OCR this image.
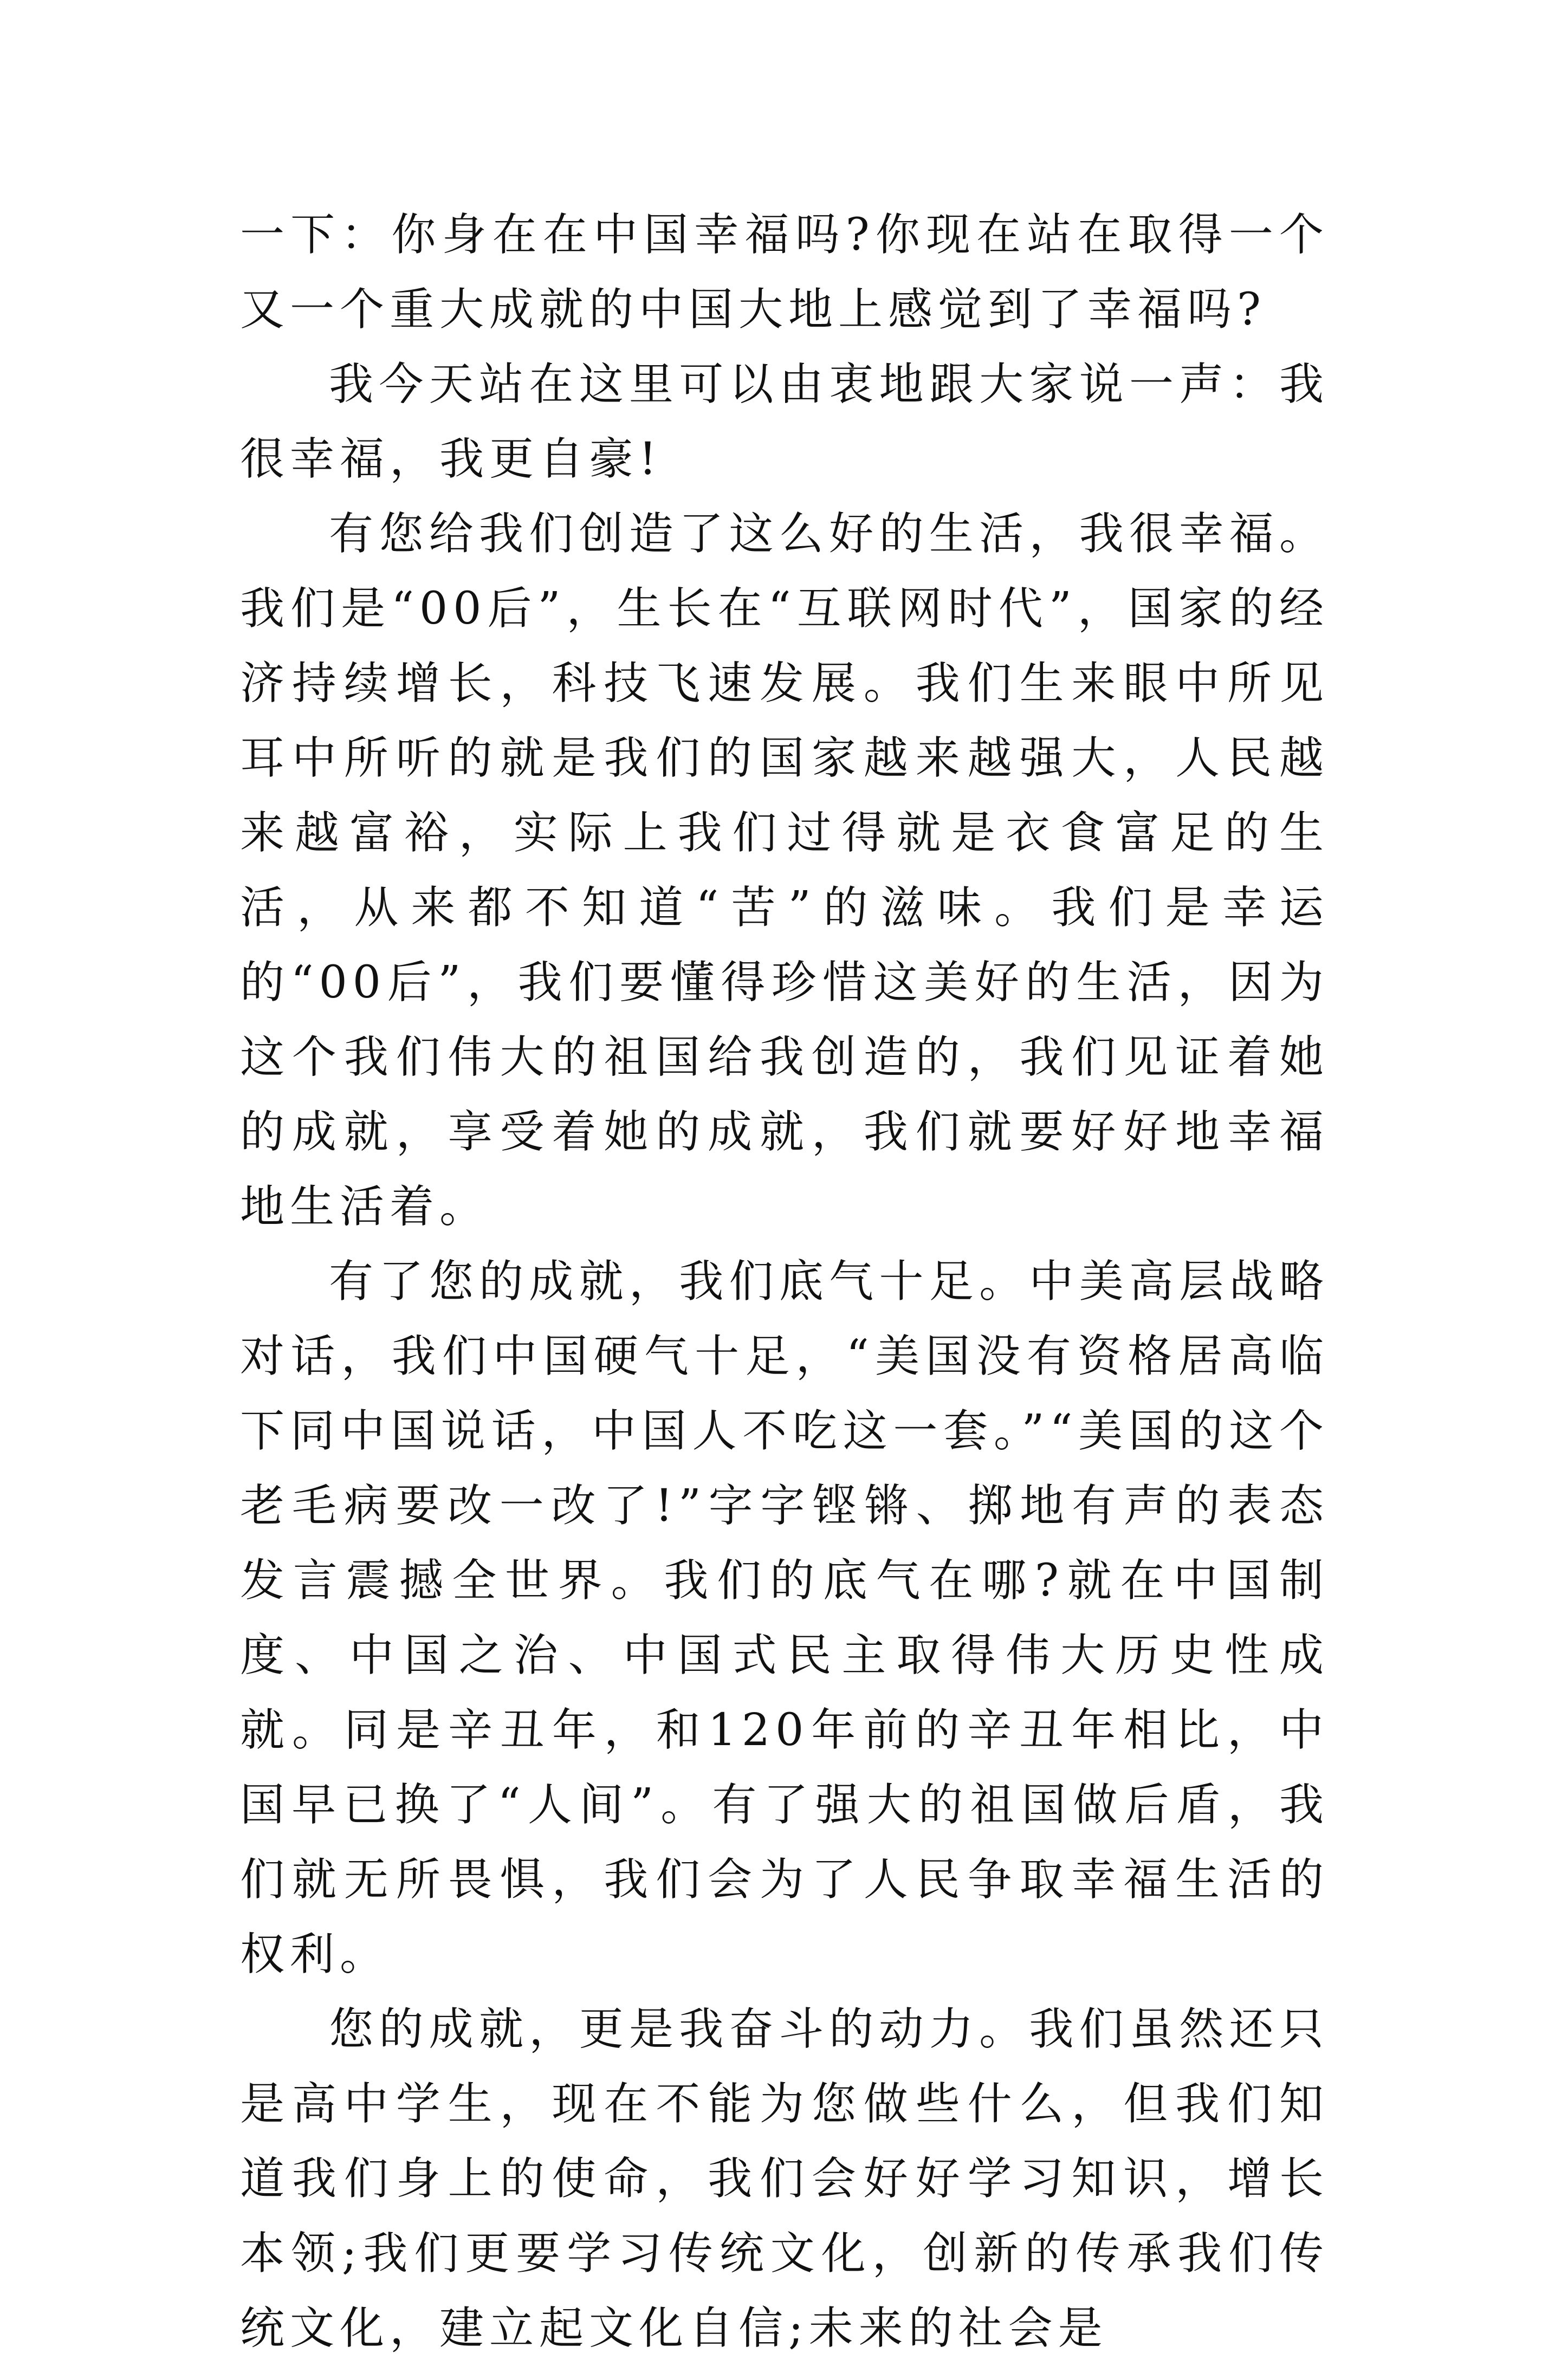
一下：你身在在中国幸福吗?你现在站在取得一个又一个重大成就的中国大地上感觉到了幸福吗?

我今天站在这里可以由衷地跟大家说一声：我很幸福，我更自豪!

有您给我们创造了这么好的生活，我很幸福。我们是“00后”，生长在“互联网时代”，国家的经济持续增长，科技飞速发展。我们生来眼中所见耳中所听的就是我们的国家越来越强大，人民越来越富裕，实际上我们过得就是衣食富足的生活，从来都不知道“苦”的滋味。我们是幸运的“00后”，我们要懂得珍惜这美好的生活，因为这个我们伟大的祖国给我创造的，我们见证着她的成就，享受着她的成就，我们就要好好地幸福地生活着。

有了您的成就，我们底气十足。中美高层战略对话，我们中国硬气十足，“美国没有资格居高临下同中国说话，中国人不吃这一套。”“美国的这个老毛病要改一改了!”字字铿锵、掷地有声的表态发言震撼全世界。我们的底气在哪?就在中国制度、中国之治、中国式民主取得伟大历史性成就。同是辛丑年，和120年前的辛丑年相比，中国早已换了“人间”。有了强大的祖国做后盾，我们就无所畏惧，我们会为了人民争取幸福生活的权利。

您的成就，更是我奋斗的动力。我们虽然还只是高中学生，现在不能为您做些什么，但我们知道我们身上的使命，我们会好好学习知识，增长本领;我们更要学习传统文化，创新的传承我们传统文化，建立起文化自信;未来的社会是
